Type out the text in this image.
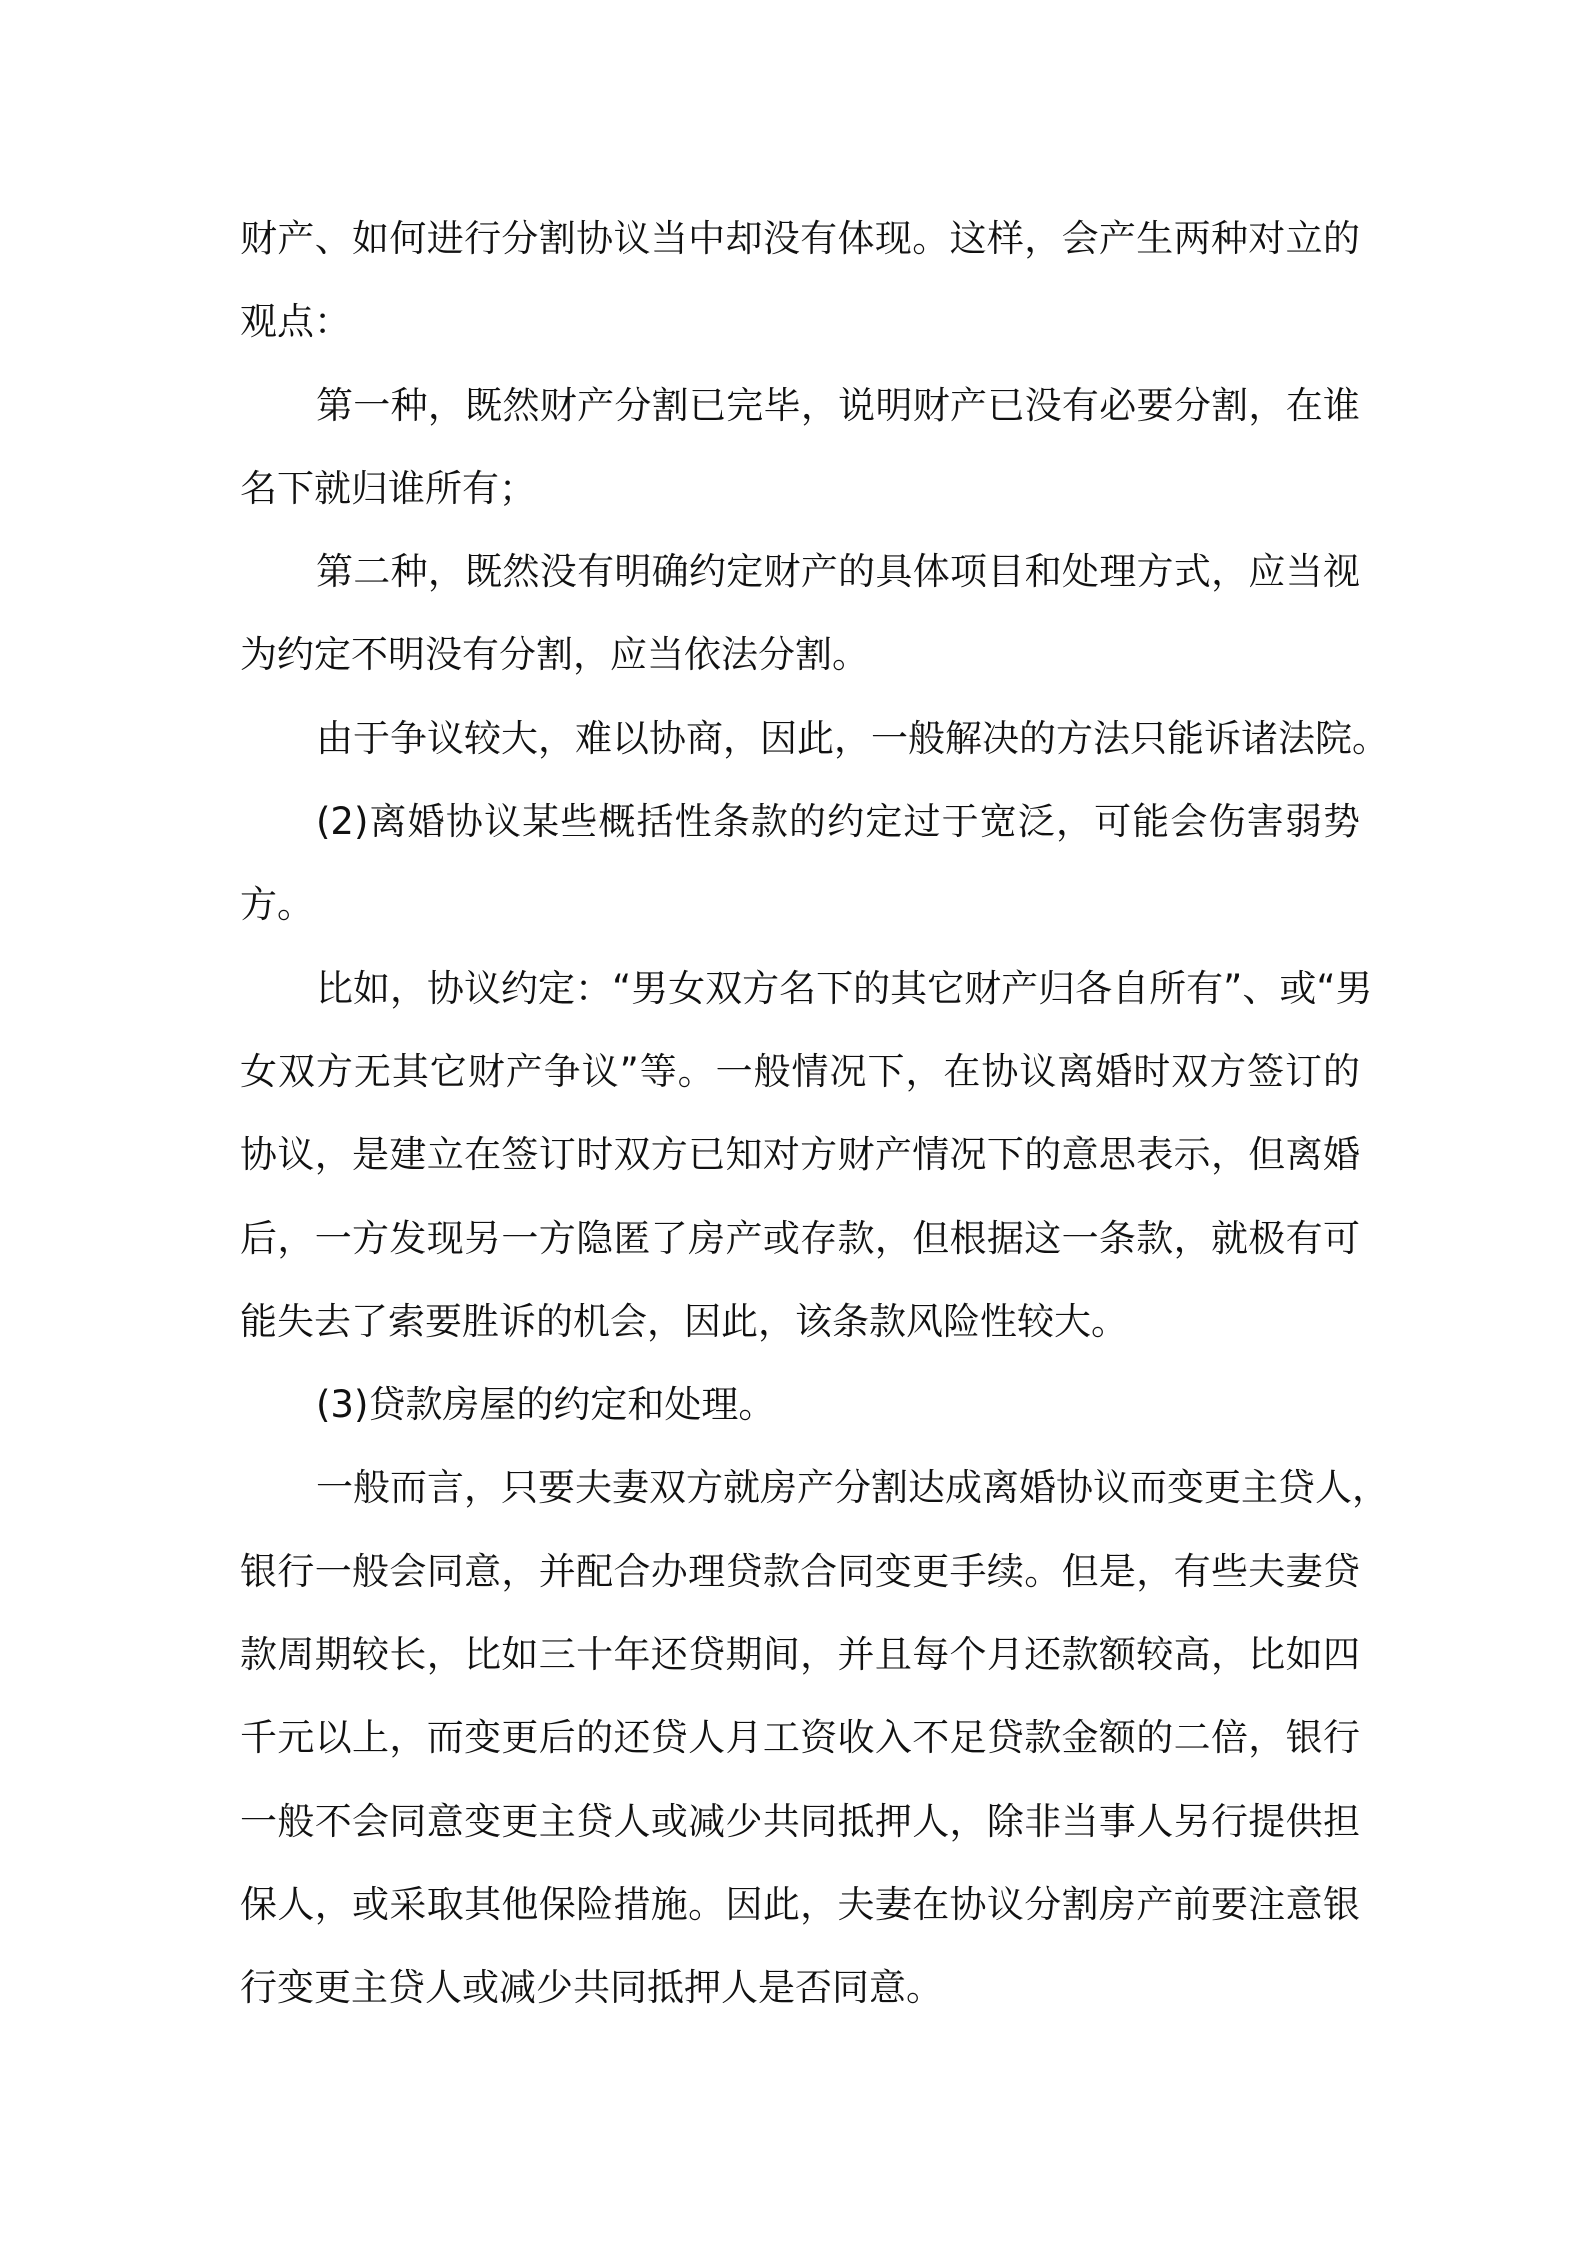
财产、如何进行分割协议当中却没有体现。这样，会产生两种对立的
观点：
第一种，既然财产分割已完毕，说明财产已没有必要分割，在谁
名下就归谁所有；
第二种，既然没有明确约定财产的具体项目和处理方式，应当视
为约定不明没有分割，应当依法分割。
由于争议较大，难以协商，因此，一般解决的方法只能诉诸法院。
(2)离婚协议某些概括性条款的约定过于宽泛，可能会伤害弱势
方。
比如，协议约定：“男女双方名下的其它财产归各自所有”、或“男
女双方无其它财产争议”等。一般情况下，在协议离婚时双方签订的
协议，是建立在签订时双方已知对方财产情况下的意思表示，但离婚
后，一方发现另一方隐匿了房产或存款，但根据这一条款，就极有可
能失去了索要胜诉的机会，因此，该条款风险性较大。
(3)贷款房屋的约定和处理。
一般而言，只要夫妻双方就房产分割达成离婚协议而变更主贷人，
银行一般会同意，并配合办理贷款合同变更手续。但是，有些夫妻贷
款周期较长，比如三十年还贷期间，并且每个月还款额较高，比如四
千元以上，而变更后的还贷人月工资收入不足贷款金额的二倍，银行
一般不会同意变更主贷人或减少共同抵押人，除非当事人另行提供担
保人，或采取其他保险措施。因此，夫妻在协议分割房产前要注意银
行变更主贷人或减少共同抵押人是否同意。
